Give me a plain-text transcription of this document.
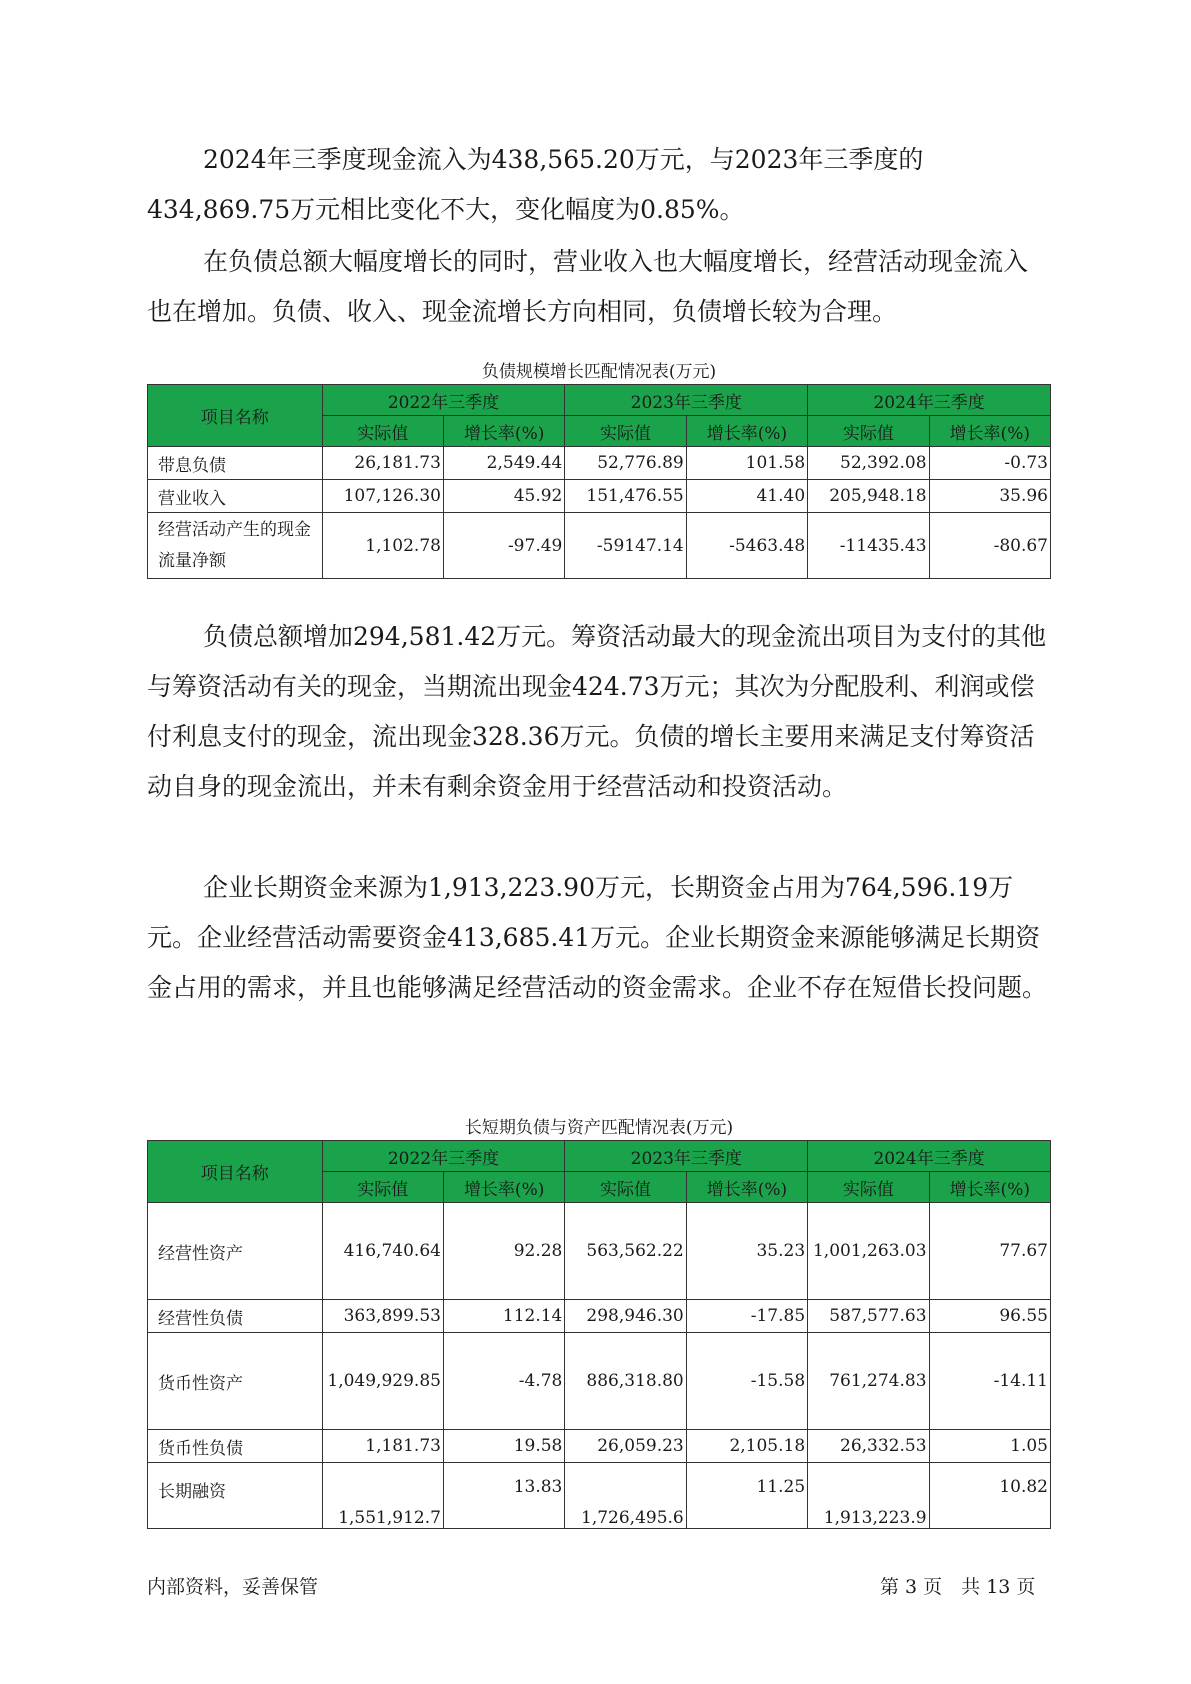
2024年三季度现金流入为438,565.20万元，与2023年三季度的434,869.75万元相比变化不大，变化幅度为0.85%。

在负债总额大幅度增长的同时，营业收入也大幅度增长，经营活动现金流入也在增加。负债、收入、现金流增长方向相同，负债增长较为合理。

负债规模增长匹配情况表(万元)
项目名称	2022年三季度		2023年三季度		2024年三季度	
	实际值	增长率(%)	实际值	增长率(%)	实际值	增长率(%)
带息负债	26,181.73	2,549.44	52,776.89	101.58	52,392.08	-0.73
营业收入	107,126.30	45.92	151,476.55	41.40	205,948.18	35.96
经营活动产生的现金流量净额	1,102.78	-97.49	-59147.14	-5463.48	-11435.43	-80.67

负债总额增加294,581.42万元。筹资活动最大的现金流出项目为支付的其他与筹资活动有关的现金，当期流出现金424.73万元；其次为分配股利、利润或偿付利息支付的现金，流出现金328.36万元。负债的增长主要用来满足支付筹资活动自身的现金流出，并未有剩余资金用于经营活动和投资活动。

企业长期资金来源为1,913,223.90万元，长期资金占用为764,596.19万元。企业经营活动需要资金413,685.41万元。企业长期资金来源能够满足长期资金占用的需求，并且也能够满足经营活动的资金需求。企业不存在短借长投问题。

长短期负债与资产匹配情况表(万元)
项目名称	2022年三季度		2023年三季度		2024年三季度	
	实际值	增长率(%)	实际值	增长率(%)	实际值	增长率(%)
经营性资产	416,740.64	92.28	563,562.22	35.23	1,001,263.03	77.67
经营性负债	363,899.53	112.14	298,946.30	-17.85	587,577.63	96.55
货币性资产	1,049,929.85	-4.78	886,318.80	-15.58	761,274.83	-14.11
货币性负债	1,181.73	19.58	26,059.23	2,105.18	26,332.53	1.05
长期融资	1,551,912.7	13.83	1,726,495.6	11.25	1,913,223.9	10.82
内部资料，妥善保管	第 3 页　共 13 页
